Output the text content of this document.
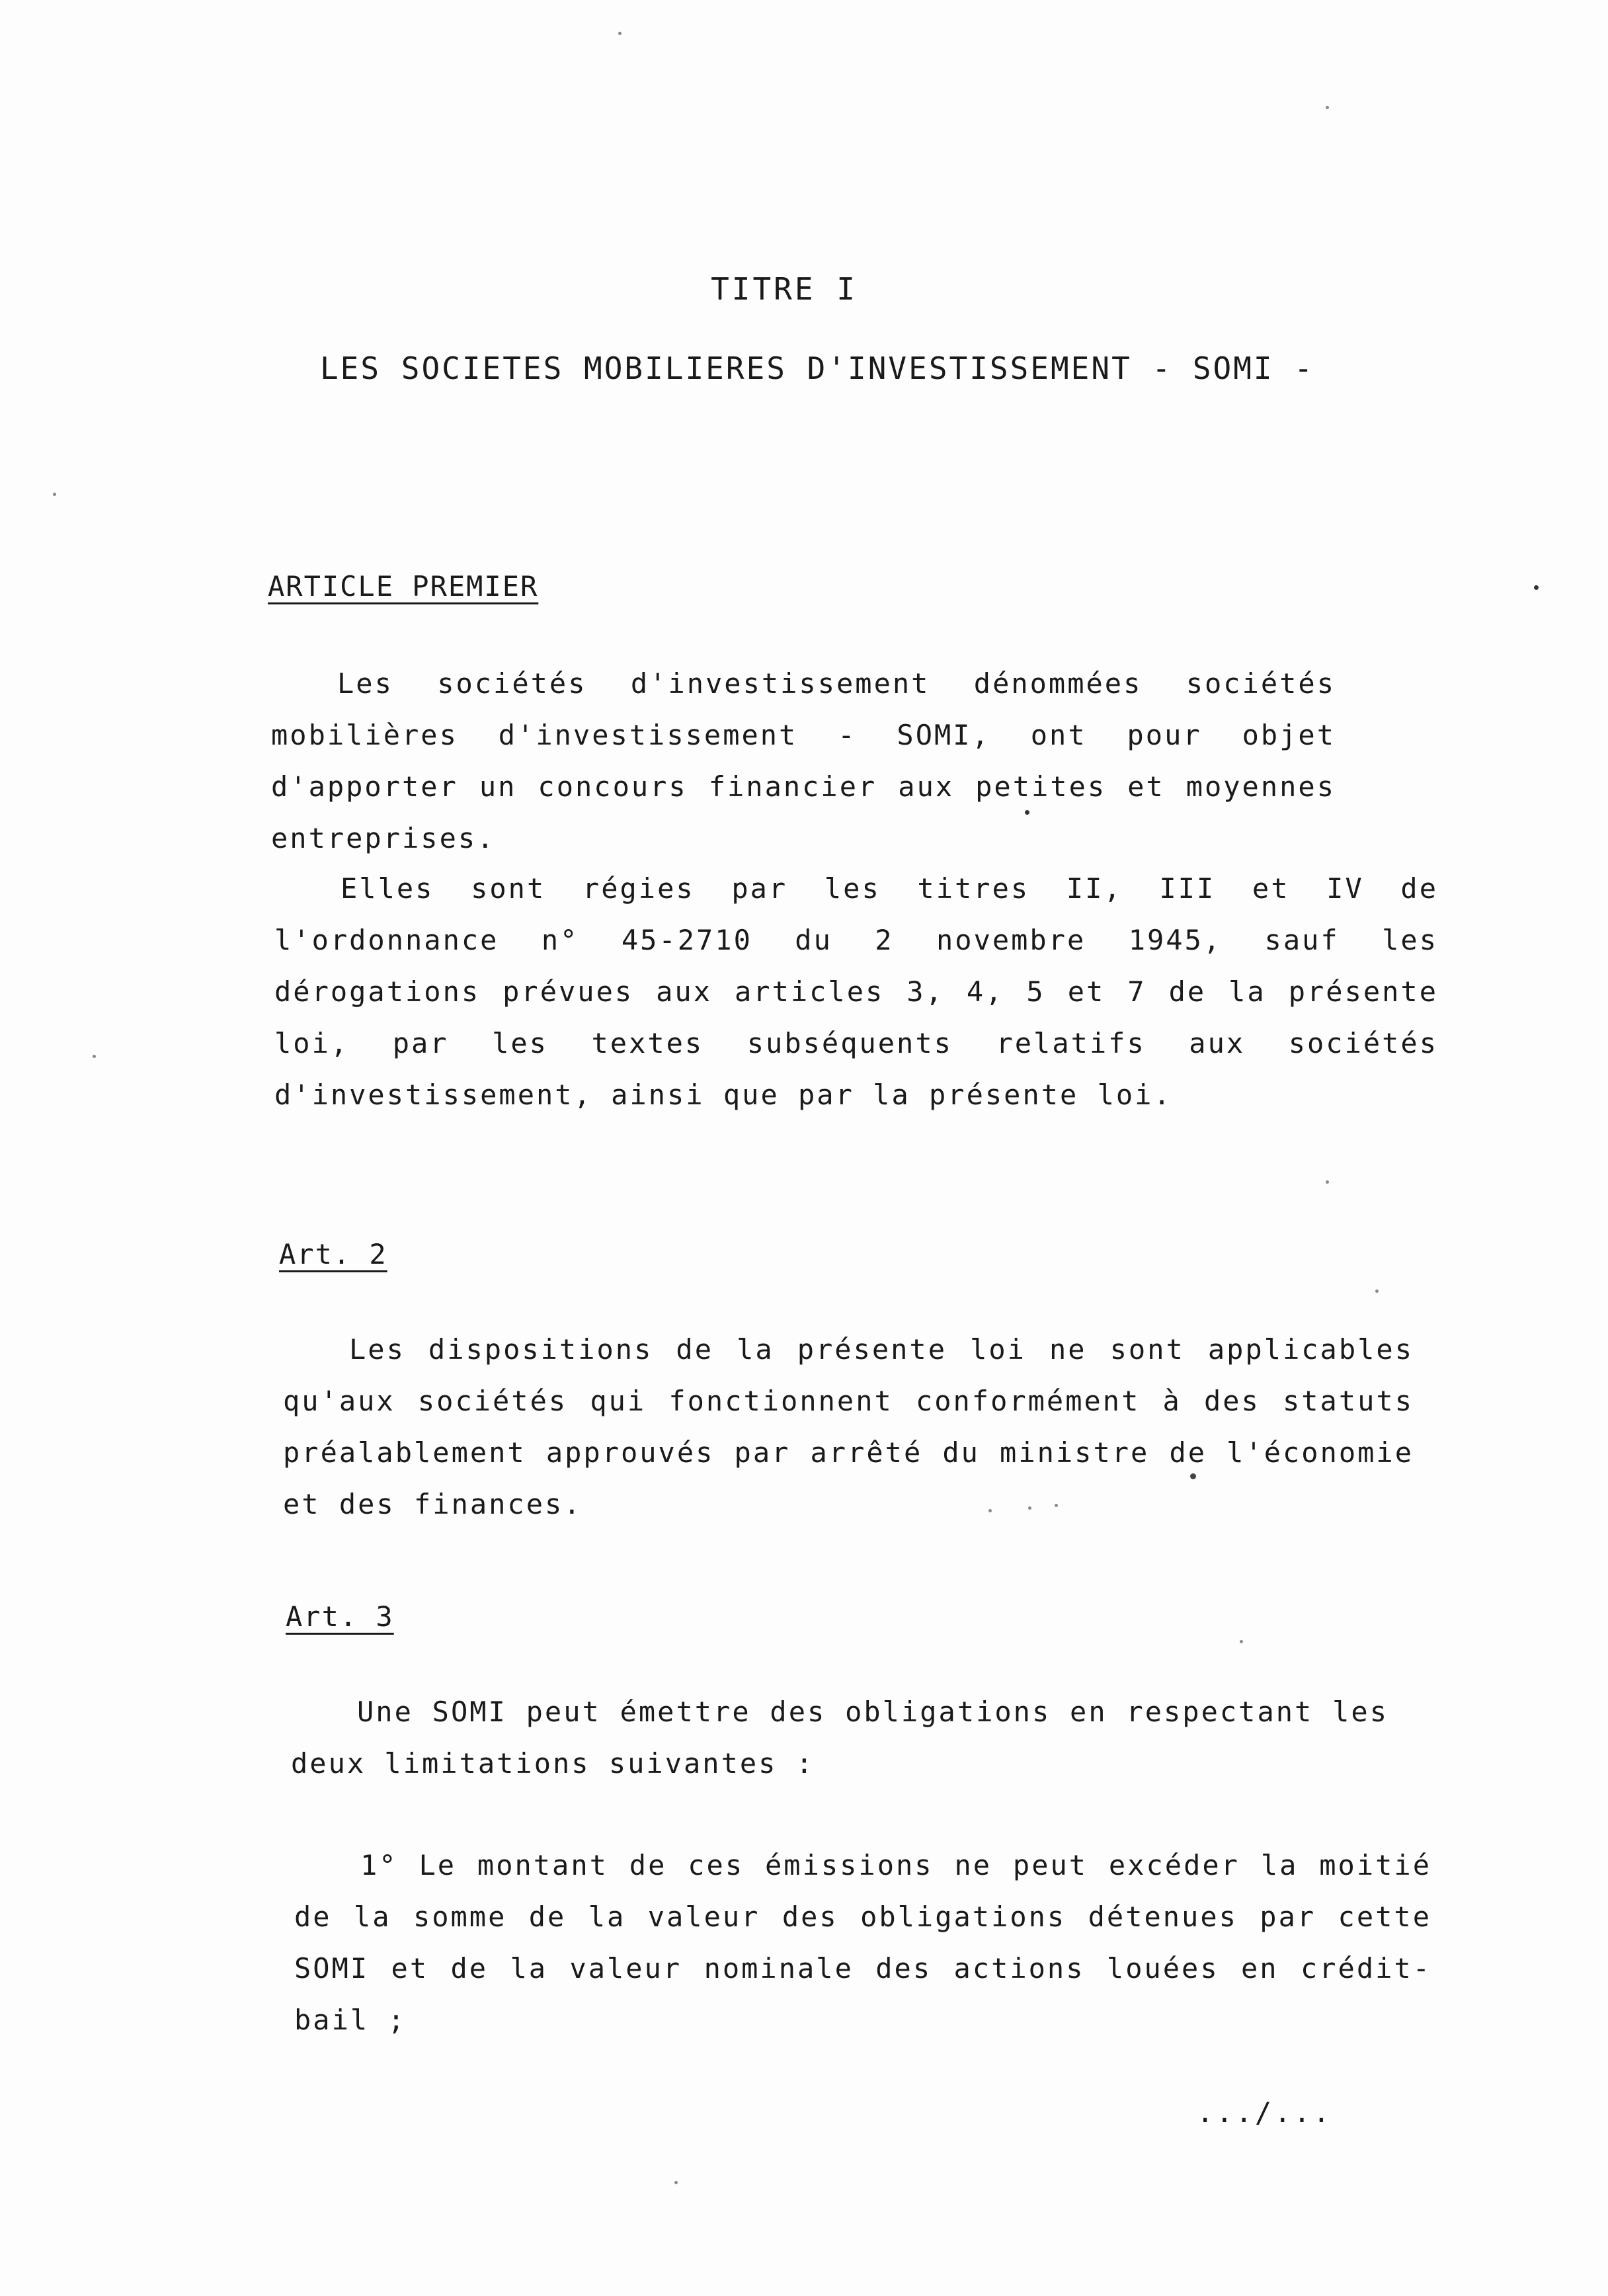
TITRE I
LES SOCIETES MOBILIERES D'INVESTISSEMENT - SOMI -
ARTICLE PREMIER

Les sociétés d'investissement dénommées sociétés mobilières d'investissement - SOMI, ont pour objet d'apporter un concours financier aux petites et moyennes entreprises.

Elles sont régies par les titres II, III et IV de l'ordonnance n° 45-2710 du 2 novembre 1945, sauf les dérogations prévues aux articles 3, 4, 5 et 7 de la présente loi, par les textes subséquents relatifs aux sociétés d'investissement, ainsi que par la présente loi.

Art. 2

Les dispositions de la présente loi ne sont applicables qu'aux sociétés qui fonctionnent conformément à des statuts préalablement approuvés par arrêté du ministre de l'économie et des finances.

Art. 3

Une SOMI peut émettre des obligations en respectant les deux limitations suivantes :

1° Le montant de ces émissions ne peut excéder la moitié de la somme de la valeur des obligations détenues par cette SOMI et de la valeur nominale des actions louées en crédit-bail ;

.../...
